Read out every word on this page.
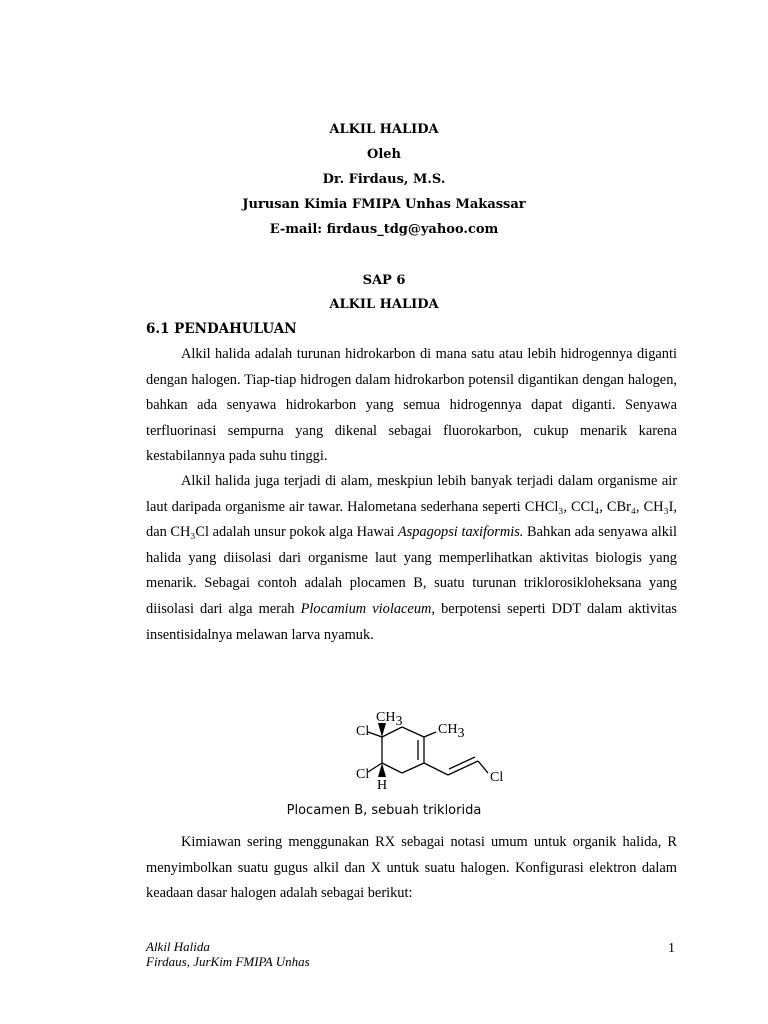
ALKIL HALIDA
Oleh
Dr. Firdaus, M.S.
Jurusan Kimia FMIPA Unhas Makassar
E-mail: firdaus_tdg@yahoo.com
SAP 6
ALKIL HALIDA
6.1 PENDAHULUAN

Alkil halida adalah turunan hidrokarbon di mana satu atau lebih hidrogennya diganti dengan halogen. Tiap-tiap hidrogen dalam hidrokarbon potensil digantikan dengan halogen, bahkan ada senyawa hidrokarbon yang semua hidrogennya dapat diganti. Senyawa terfluorinasi sempurna yang dikenal sebagai fluorokarbon, cukup menarik karena kestabilannya pada suhu tinggi.

Alkil halida juga terjadi di alam, meskpiun lebih banyak terjadi dalam organisme air laut daripada organisme air tawar. Halometana sederhana seperti CHCl₃, CCl₄, CBr₄, CH₃I, dan CH₃Cl adalah unsur pokok alga Hawai Aspagopsi taxiformis. Bahkan ada senyawa alkil halida yang diisolasi dari organisme laut yang memperlihatkan aktivitas biologis yang menarik. Sebagai contoh adalah plocamen B, suatu turunan triklorosikloheksana yang diisolasi dari alga merah Plocamium violaceum, berpotensi seperti DDT dalam aktivitas insentisidalnya melawan larva nyamuk.

Cl
CH3
CH3
Cl
H
Cl
Plocamen B, sebuah triklorida

Kimiawan sering menggunakan RX sebagai notasi umum untuk organik halida, R menyimbolkan suatu gugus alkil dan X untuk suatu halogen. Konfigurasi elektron dalam keadaan dasar halogen adalah sebagai berikut:

Alkil Halida
Firdaus, JurKim FMIPA Unhas
1
